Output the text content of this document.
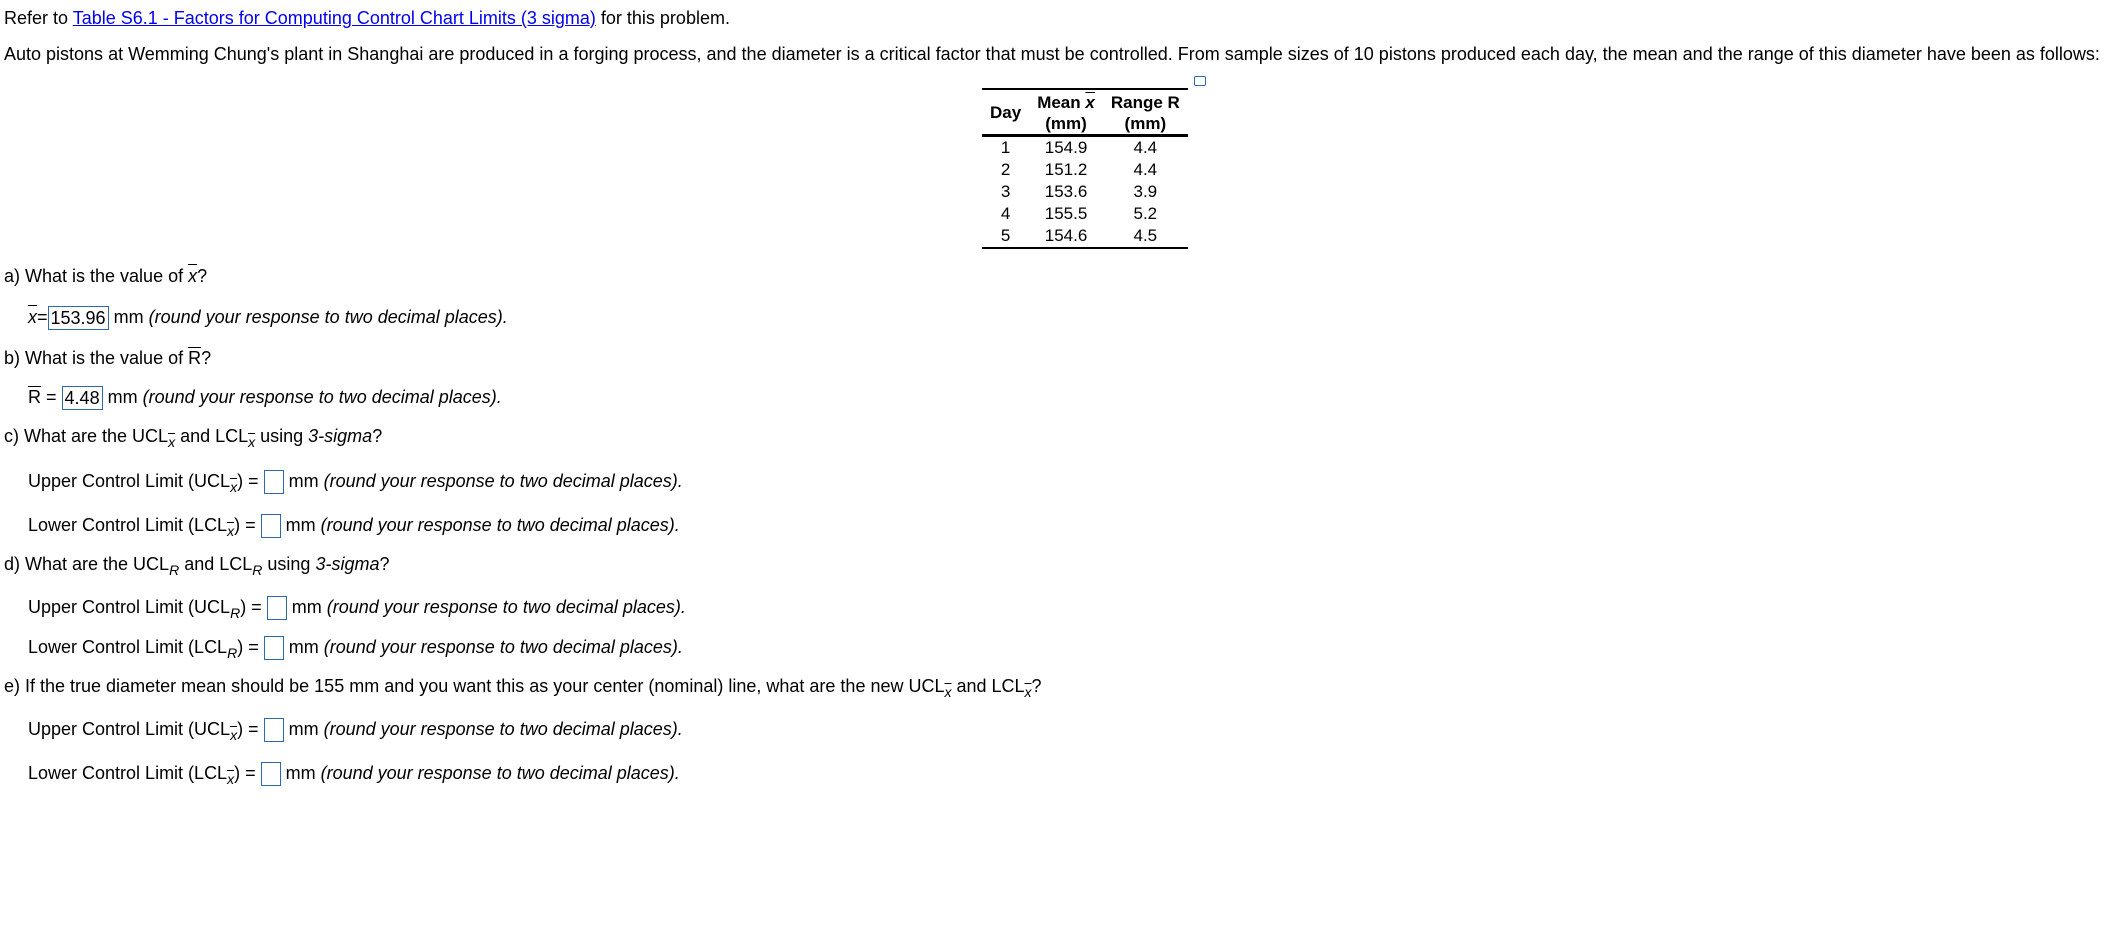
Refer to Table S6.1 - Factors for Computing Control Chart Limits (3 sigma) for this problem.
Auto pistons at Wemming Chung's plant in Shanghai are produced in a forging process, and the diameter is a critical factor that must be controlled. From sample sizes of 10 pistons produced each day, the mean and the range of this diameter have been as follows:
Day	Mean $\overline{x}$	Range R
	(mm)	(mm)
1	154.9	4.4
2	151.2	4.4
3	153.6	3.9
4	155.5	5.2
5	154.6	4.5
a) What is the value of x?
x= 153.96 mm (round your response to two decimal places).
b) What is the value of $\overline{R}$?
$\overline{R} = 4.48$ mm (round your response to two decimal places).
c) What are the $UCL_{\overline{x}}$ and $LCL_{\overline{x}}$ using 3-sigma?
Upper Control Limit $(UCL_{\overline{x}})$ =  mm (round your response to two decimal places).
Lower Control Limit $(LCL_{\overline{x}})$ =  mm (round your response to two decimal places).
d) What are the $UCL_R$ and $LCL_R$ using 3-sigma?
Upper Control Limit $(UCL_R)$ =  mm (round your response to two decimal places).
Lower Control Limit $(LCL_R)$ =  mm (round your response to two decimal places).
e) If the true diameter mean should be 155 mm and you want this as your center (nominal) line, what are the new $UCL_{\overline{x}}$ and $LCL_{\overline{x}}$?
Upper Control Limit $(UCL_{\overline{x}})$ =  mm (round your response to two decimal places).
Lower Control Limit $(LCL_{\overline{x}})$ =  mm (round your response to two decimal places).
